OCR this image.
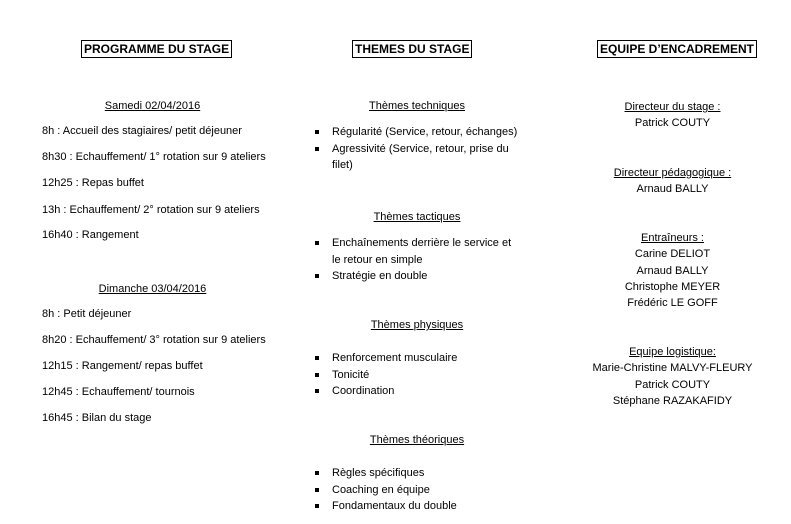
PROGRAMME DU STAGE
Samedi 02/04/2016
8h : Accueil des stagiaires/ petit déjeuner
8h30 : Echauffement/ 1° rotation sur 9 ateliers
12h25 : Repas buffet
13h : Echauffement/ 2° rotation sur 9 ateliers
16h40 : Rangement
Dimanche 03/04/2016
8h : Petit déjeuner
8h20 : Echauffement/ 3° rotation sur 9 ateliers
12h15 : Rangement/ repas buffet
12h45 : Echauffement/ tournois
16h45 : Bilan du stage
THEMES DU STAGE
Thèmes techniques
Régularité (Service, retour, échanges)
Agressivité (Service, retour, prise du filet)
Thèmes tactiques
Enchaînements derrière le service et le retour en simple
Stratégie en double
Thèmes physiques
Renforcement musculaire
Tonicité
Coordination
Thèmes théoriques
Règles spécifiques
Coaching en équipe
Fondamentaux du double
EQUIPE D’ENCADREMENT
Directeur du stage :
Patrick COUTY
Directeur pédagogique :
Arnaud BALLY
Entraîneurs :
Carine DELIOT
Arnaud BALLY
Christophe MEYER
Frédéric LE GOFF
Equipe logistique:
Marie-Christine MALVY-FLEURY
Patrick COUTY
Stéphane RAZAKAFIDY
